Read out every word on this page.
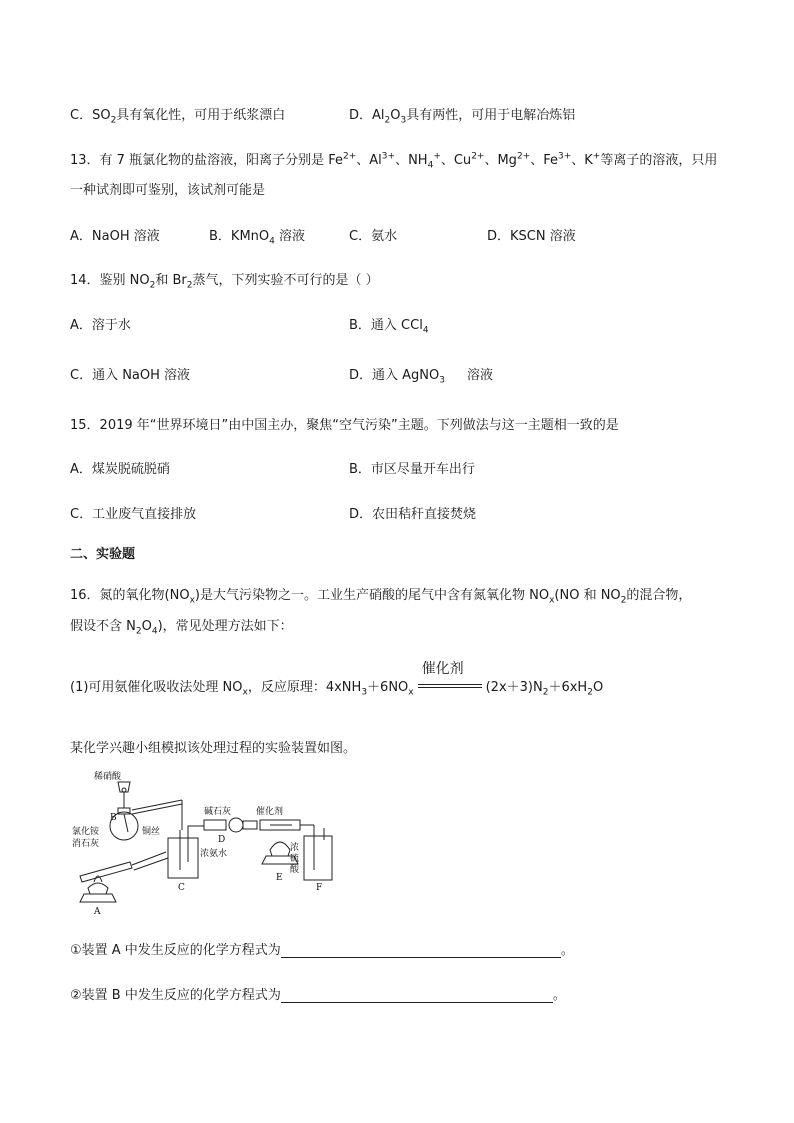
C．$SO_2$具有氧化性，可用于纸浆漂白	D．$Al_2O_3$具有两性，可用于电解冶炼铝
13．有 7 瓶氯化物的盐溶液，阳离子分别是 $Fe^{2+}$、$Al^{3+}$、$NH_4^+$、$Cu^{2+}$、$Mg^{2+}$、$Fe^{3+}$、K+等离子的溶液，只用
一种试剂即可鉴别，该试剂可能是
A．NaOH 溶液	B．KMnO$_4$ 溶液	C．氨水	D．KSCN 溶液
14．鉴别 $NO_2$和 $Br_2$蒸气，下列实验不可行的是（ ）
A．溶于水	B．通入 CCl$_4$
C．通入 NaOH 溶液	D．通入 AgNO$_3$ 溶液
15．2019 年“世界环境日”由中国主办，聚焦“空气污染”主题。下列做法与这一主题相一致的是
A．煤炭脱硫脱硝	B．市区尽量开车出行
C．工业废气直接排放	D．农田秸秆直接焚烧
二、实验题
16．氮的氧化物$(NO_x)$是大气污染物之一。工业生产硝酸的尾气中含有氮氧化物 $NO_x(NO$ 和 $NO_2$的混合物，
假设不含 $N_2O_4$)，常见处理方法如下：
(1)可用氨催化吸收法处理 $NO_x$，反应原理：$4xNH_3+6NO_x$
催化剂
$(2x+3)N_2+6xH_2O$
某化学兴趣小组模拟该处理过程的实验装置如图。
稀硝酸
B
铜丝
氯化铵
消石灰
碱石灰
D
催化剂
浓氨水
浓
硫
酸
A
C
E
F
①装置 A 中发生反应的化学方程式为	。
②装置 B 中发生反应的化学方程式为	。
